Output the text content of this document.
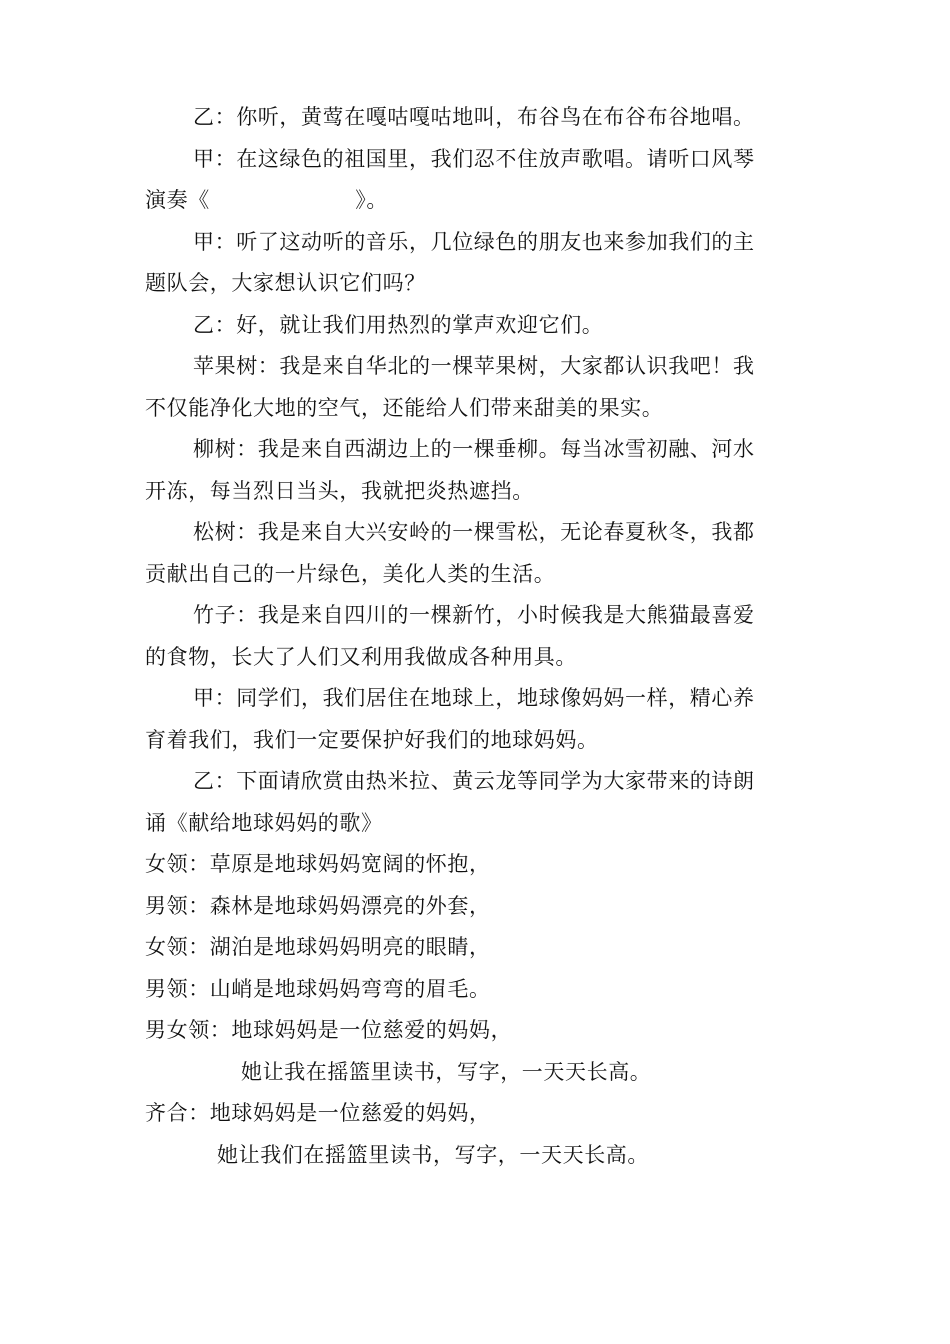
乙：你听，黄莺在嘎咕嘎咕地叫，布谷鸟在布谷布谷地唱。
甲：在这绿色的祖国里，我们忍不住放声歌唱。请听口风琴
演奏《                    》。
甲：听了这动听的音乐，几位绿色的朋友也来参加我们的主
题队会，大家想认识它们吗？
乙：好，就让我们用热烈的掌声欢迎它们。
苹果树：我是来自华北的一棵苹果树，大家都认识我吧！我
不仅能净化大地的空气，还能给人们带来甜美的果实。
柳树：我是来自西湖边上的一棵垂柳。每当冰雪初融、河水
开冻，每当烈日当头，我就把炎热遮挡。
松树：我是来自大兴安岭的一棵雪松，无论春夏秋冬，我都
贡献出自己的一片绿色，美化人类的生活。
竹子：我是来自四川的一棵新竹，小时候我是大熊猫最喜爱
的食物，长大了人们又利用我做成各种用具。
甲：同学们，我们居住在地球上，地球像妈妈一样，精心养
育着我们，我们一定要保护好我们的地球妈妈。
乙：下面请欣赏由热米拉、黄云龙等同学为大家带来的诗朗
诵《献给地球妈妈的歌》
女领：草原是地球妈妈宽阔的怀抱，
男领：森林是地球妈妈漂亮的外套，
女领：湖泊是地球妈妈明亮的眼睛，
男领：山峭是地球妈妈弯弯的眉毛。
男女领：地球妈妈是一位慈爱的妈妈，
她让我在摇篮里读书，写字，一天天长高。
齐合：地球妈妈是一位慈爱的妈妈，
她让我们在摇篮里读书，写字，一天天长高。
